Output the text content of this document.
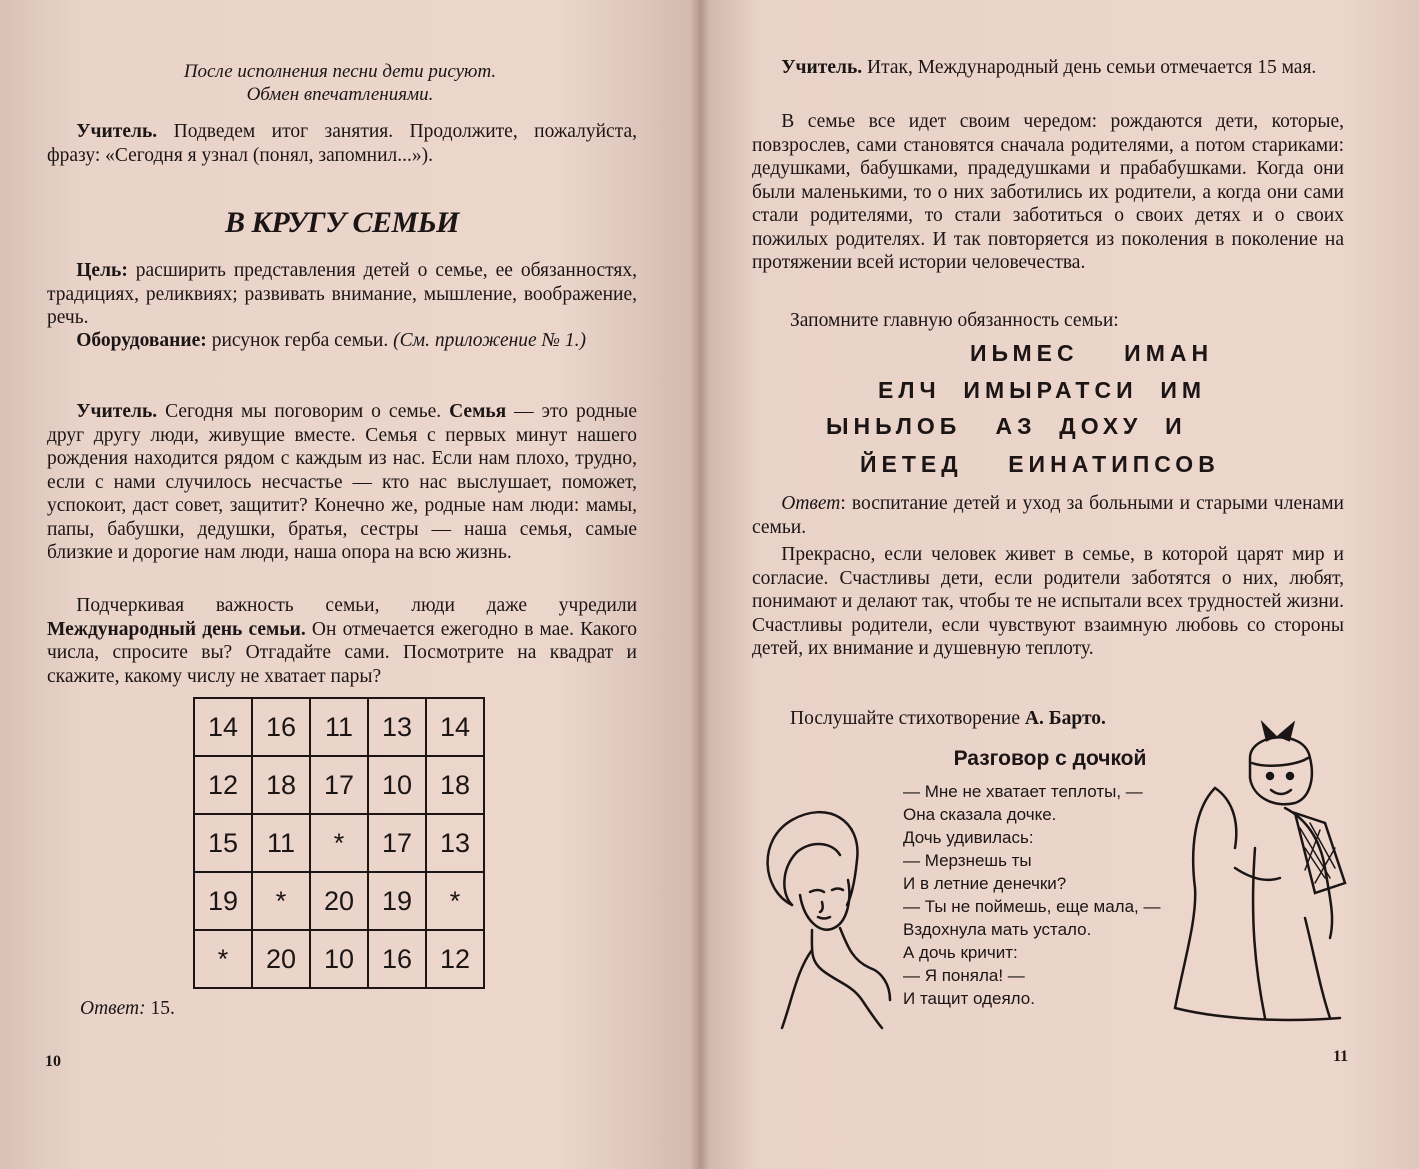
После исполнения песни дети рисуют.
Обмен впечатлениями.

  Учитель. Подведем итог занятия. Продолжите, пожалуйста, фразу: «Сегодня я узнал (понял, запомнил...»).

В КРУГУ СЕМЬИ

  Цель: расширить представления детей о семье, ее обязанностях, традициях, реликвиях; развивать внимание, мышление, воображение, речь.

  Оборудование: рисунок герба семьи. (См. приложение № 1.)

  Учитель. Сегодня мы поговорим о семье. Семья — это родные друг другу люди, живущие вместе. Семья с первых минут нашего рождения находится рядом с каждым из нас. Если нам плохо, трудно, если с нами случилось несчастье — кто нас выслушает, поможет, успокоит, даст совет, защитит? Конечно же, родные нам люди: мамы, папы, бабушки, дедушки, братья, сестры — наша семья, самые близкие и дорогие нам люди, наша опора на всю жизнь.

  Подчеркивая важность семьи, люди даже учредили Международный день семьи. Он отмечается ежегодно в мае. Какого числа, спросите вы? Отгадайте сами. Посмотрите на квадрат и скажите, какому числу не хватает пары?

14	16	11	13	14
12	18	17	10	18
15	11	*	17	13
19	*	20	19	*
*	20	10	16	12

Ответ: 15.

10

  Учитель. Итак, Международный день семьи отмечается 15 мая.

  В семье все идет своим чередом: рождаются дети, которые, повзрослев, сами становятся сначала родителями, а потом стариками: дедушками, бабушками, прадедушками и прабабушками. Когда они были маленькими, то о них заботились их родители, а когда они сами стали родителями, то стали заботиться о своих детях и о своих пожилых родителях. И так повторяется из поколения в поколение на протяжении всей истории человечества.

Запомните главную обязанность семьи:

ИЬМЕС    ИМАН

ЕЛЧ  ИМЫРАТСИ  ИМ

ЫНЬЛОБ   АЗ  ДОХУ  И

ЙЕТЕД    ЕИНАТИПСОВ

  Ответ: воспитание детей и уход за больными и старыми членами семьи.

  Прекрасно, если человек живет в семье, в которой царят мир и согласие. Счастливы дети, если родители заботятся о них, любят, понимают и делают так, чтобы те не испытали всех трудностей жизни. Счастливы родители, если чувствуют взаимную любовь со стороны детей, их внимание и душевную теплоту.

Послушайте стихотворение А. Барто.

Разговор с дочкой
— Мне не хватает теплоты, —
Она сказала дочке.
Дочь удивилась:
— Мерзнешь ты
И в летние денечки?
— Ты не поймешь, еще мала, —
Вздохнула мать устало.
А дочь кричит:
— Я поняла! —
И тащит одеяло.
11
